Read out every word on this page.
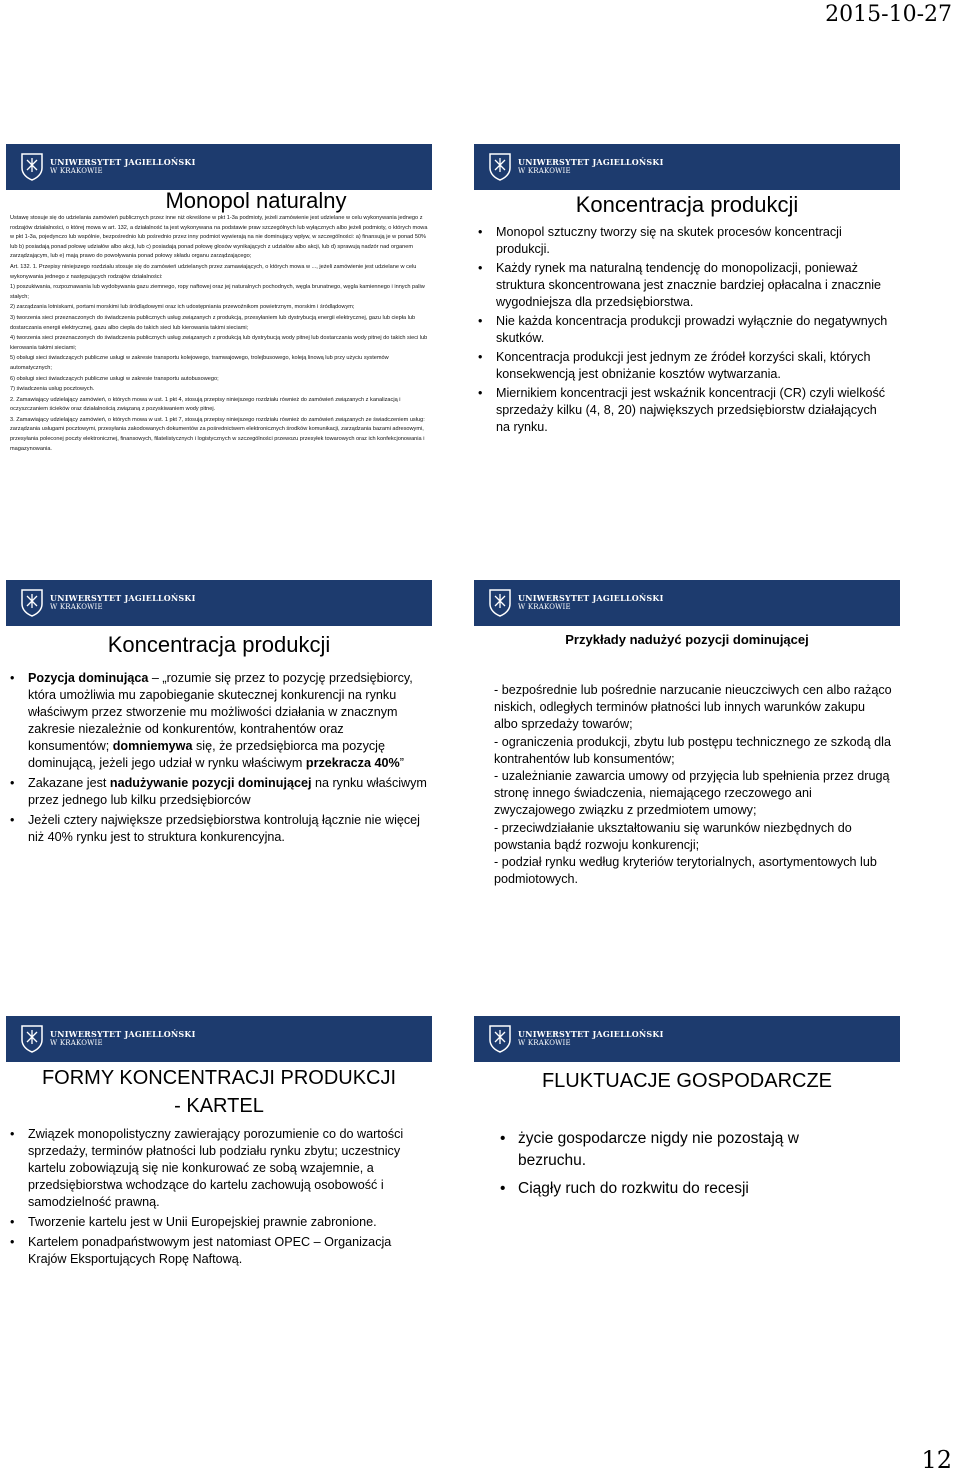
2015-10-27
UNIWERSYTET JAGIELLOŃSKI
W KRAKOWIE
Monopol naturalny

Ustawę stosuje się do udzielania zamówień publicznych przez inne niż określone w pkt 1-3a podmioty, jeżeli zamówienie jest udzielane w celu wykonywania jednego z rodzajów działalności, o której mowa w art. 132, a działalność ta jest wykonywana na podstawie praw szczególnych lub wyłącznych albo jeżeli podmioty, o których mowa w pkt 1-3a, pojedynczo lub wspólnie, bezpośrednio lub pośrednio przez inny podmiot wywierają na nie dominujący wpływ, w szczególności: a) finansują je w ponad 50% lub b) posiadają ponad połowę udziałów albo akcji, lub c) posiadają ponad połowę głosów wynikających z udziałów albo akcji, lub d) sprawują nadzór nad organem zarządzającym, lub e) mają prawo do powoływania ponad połowy składu organu zarządzającego;

Art. 132. 1. Przepisy niniejszego rozdziału stosuje się do zamówień udzielanych przez zamawiających, o których mowa w ..., jeżeli zamówienie jest udzielane w celu wykonywania jednego z następujących rodzajów działalności:

1) poszukiwania, rozpoznawania lub wydobywania gazu ziemnego, ropy naftowej oraz jej naturalnych pochodnych, węgla brunatnego, węgla kamiennego i innych paliw stałych;

2) zarządzania lotniskami, portami morskimi lub śródlądowymi oraz ich udostępniania przewoźnikom powietrznym, morskim i śródlądowym;

3) tworzenia sieci przeznaczonych do świadczenia publicznych usług związanych z produkcją, przesyłaniem lub dystrybucją energii elektrycznej, gazu lub ciepła lub dostarczania energii elektrycznej, gazu albo ciepła do takich sieci lub kierowania takimi sieciami;

4) tworzenia sieci przeznaczonych do świadczenia publicznych usług związanych z produkcją lub dystrybucją wody pitnej lub dostarczania wody pitnej do takich sieci lub kierowania takimi sieciami;

5) obsługi sieci świadczących publiczne usługi w zakresie transportu kolejowego, tramwajowego, trolejbusowego, koleją linową lub przy użyciu systemów automatycznych;

6) obsługi sieci świadczących publiczne usługi w zakresie transportu autobusowego;

7) świadczenia usług pocztowych.

2. Zamawiający udzielający zamówień, o których mowa w ust. 1 pkt 4, stosują przepisy niniejszego rozdziału również do zamówień związanych z kanalizacją i oczyszczaniem ścieków oraz działalnością związaną z pozyskiwaniem wody pitnej.

3. Zamawiający udzielający zamówień, o których mowa w ust. 1 pkt 7, stosują przepisy niniejszego rozdziału również do zamówień związanych ze świadczeniem usług: zarządzania usługami pocztowymi, przesyłania zakodowanych dokumentów za pośrednictwem elektronicznych środków komunikacji, zarządzania bazami adresowymi, przesyłania poleconej poczty elektronicznej, finansowych, filatelistycznych i logistycznych w szczególności przewozu przesyłek towarowych oraz ich konfekcjonowania i magazynowania.

UNIWERSYTET JAGIELLOŃSKI
W KRAKOWIE
Koncentracja produkcji
• Monopol sztuczny tworzy się na skutek procesów koncentracji produkcji.
• Każdy rynek ma naturalną tendencję do monopolizacji, ponieważ struktura skoncentrowana jest znacznie bardziej opłacalna i znacznie wygodniejsza dla przedsiębiorstwa.
• Nie każda koncentracja produkcji prowadzi wyłącznie do negatywnych skutków.
• Koncentracja produkcji jest jednym ze źródeł korzyści skali, których konsekwencją jest obniżanie kosztów wytwarzania.
• Miernikiem koncentracji jest wskaźnik koncentracji (CR) czyli wielkość sprzedaży kilku (4, 8, 20) największych przedsiębiorstw działających na rynku.
UNIWERSYTET JAGIELLOŃSKI
W KRAKOWIE
Koncentracja produkcji
• Pozycja dominująca – „rozumie się przez to pozycję przedsiębiorcy, która umożliwia mu zapobieganie skutecznej konkurencji na rynku właściwym przez stworzenie mu możliwości działania w znacznym zakresie niezależnie od konkurentów, kontrahentów oraz konsumentów; domniemywa się, że przedsiębiorca ma pozycję dominującą, jeżeli jego udział w rynku właściwym przekracza 40%”
• Zakazane jest nadużywanie pozycji dominującej na rynku właściwym przez jednego lub kilku przedsiębiorców
• Jeżeli cztery największe przedsiębiorstwa kontrolują łącznie nie więcej niż 40% rynku jest to struktura konkurencyjna.
UNIWERSYTET JAGIELLOŃSKI
W KRAKOWIE
Przykłady nadużyć pozycji dominującej

- bezpośrednie lub pośrednie narzucanie nieuczciwych cen albo rażąco niskich, odległych terminów płatności lub innych warunków zakupu albo sprzedaży towarów;

- ograniczenia produkcji, zbytu lub postępu technicznego ze szkodą dla kontrahentów lub konsumentów;

- uzależnianie zawarcia umowy od przyjęcia lub spełnienia przez drugą stronę innego świadczenia, niemającego rzeczowego ani zwyczajowego związku z przedmiotem umowy;

- przeciwdziałanie ukształtowaniu się warunków niezbędnych do powstania bądź rozwoju konkurencji;

- podział rynku według kryteriów terytorialnych, asortymentowych lub podmiotowych.

UNIWERSYTET JAGIELLOŃSKI
W KRAKOWIE
FORMY KONCENTRACJI PRODUKCJI - KARTEL
• Związek monopolistyczny zawierający porozumienie co do wartości sprzedaży, terminów płatności lub podziału rynku zbytu; uczestnicy kartelu zobowiązują się nie konkurować ze sobą wzajemnie, a przedsiębiorstwa wchodzące do kartelu zachowują osobowość i samodzielność prawną.
• Tworzenie kartelu jest w Unii Europejskiej prawnie zabronione.
• Kartelem ponadpaństwowym jest natomiast OPEC – Organizacja Krajów Eksportujących Ropę Naftową.
UNIWERSYTET JAGIELLOŃSKI
W KRAKOWIE
FLUKTUACJE GOSPODARCZE
• życie gospodarcze nigdy nie pozostają w bezruchu.
• Ciągły ruch do rozkwitu do recesji
12
